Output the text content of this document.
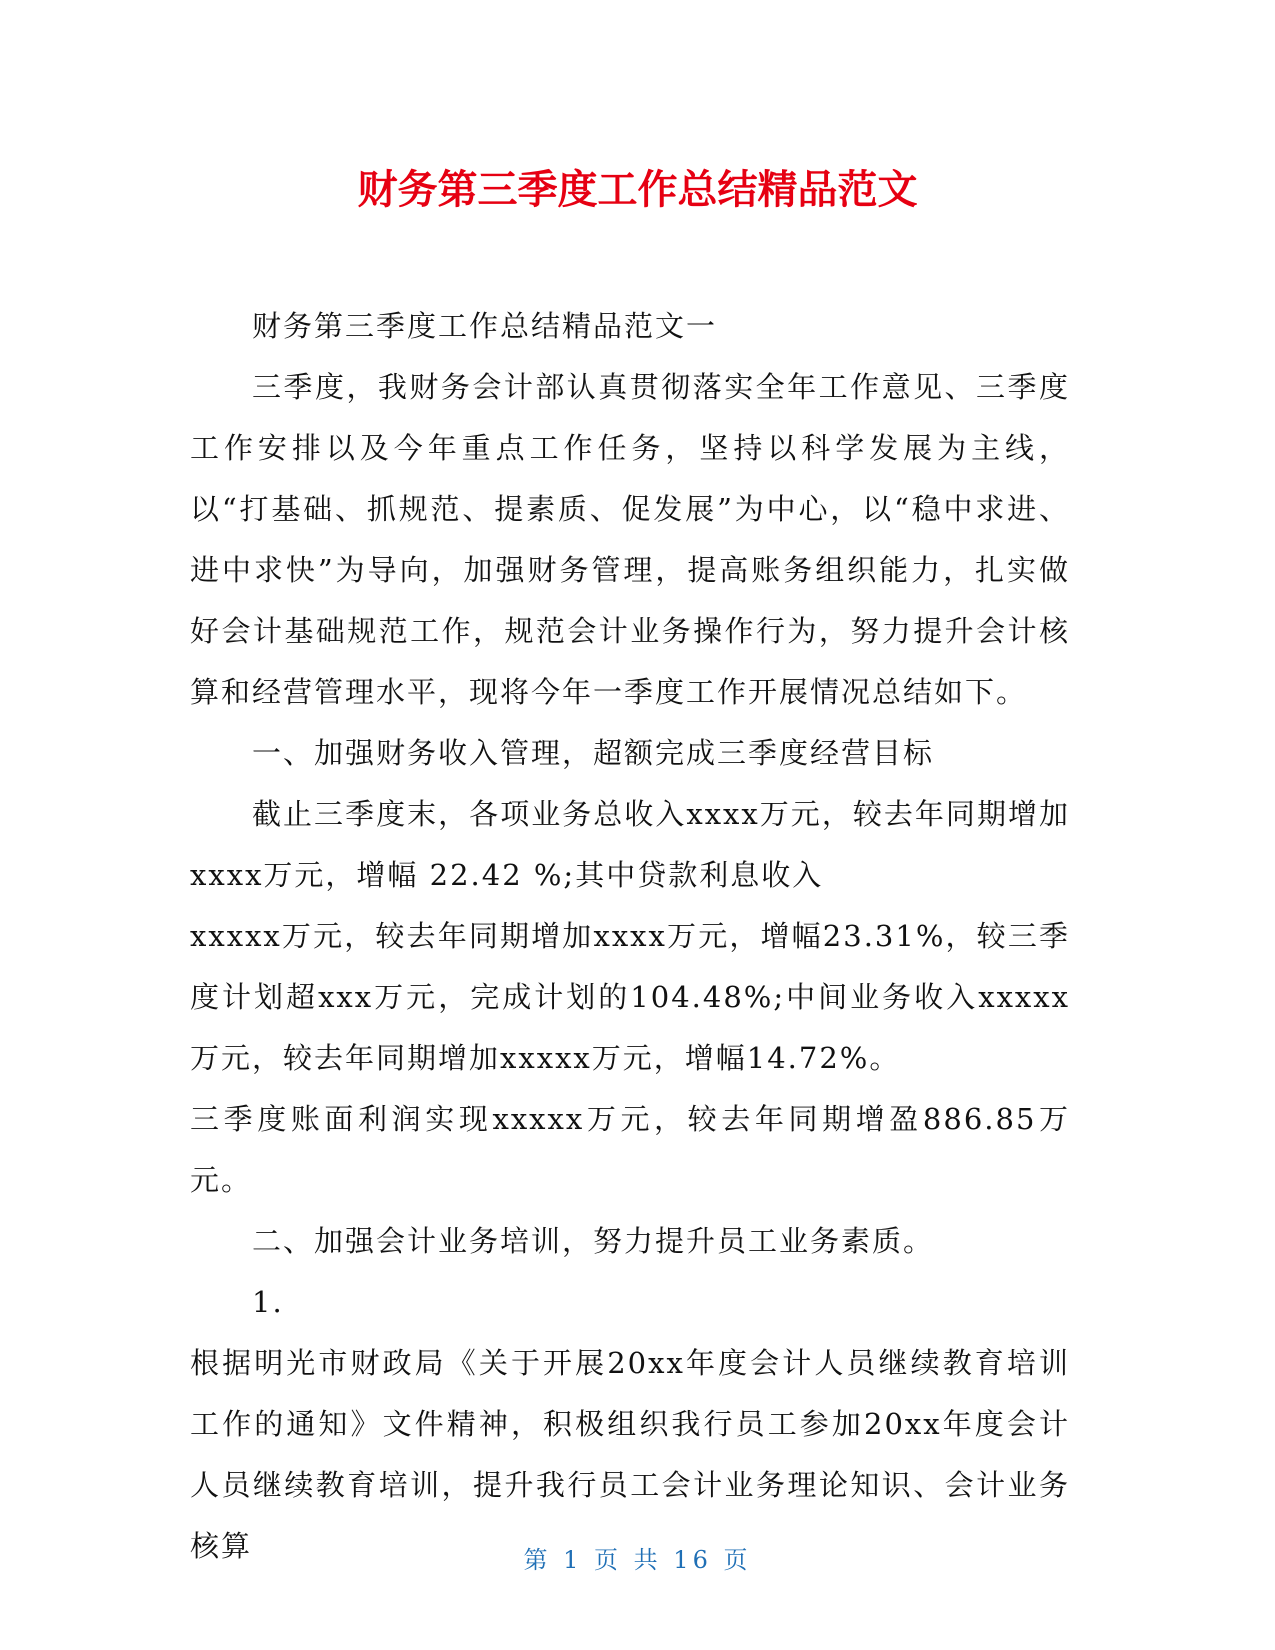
财务第三季度工作总结精品范文

财务第三季度工作总结精品范文一

三季度，我财务会计部认真贯彻落实全年工作意见、三季度工作安排以及今年重点工作任务，坚持以科学发展为主线，以“打基础、抓规范、提素质、促发展”为中心，以“稳中求进、进中求快”为导向，加强财务管理，提高账务组织能力，扎实做好会计基础规范工作，规范会计业务操作行为，努力提升会计核算和经营管理水平，现将今年一季度工作开展情况总结如下。

一、加强财务收入管理，超额完成三季度经营目标

截止三季度末，各项业务总收入xxxx万元，较去年同期增加xxxx万元，增幅 22.42 %;其中贷款利息收入

xxxxx万元，较去年同期增加xxxx万元，增幅23.31%，较三季度计划超xxx万元，完成计划的104.48%;中间业务收入xxxxx万元，较去年同期增加xxxxx万元，增幅14.72%。

三季度账面利润实现xxxxx万元，较去年同期增盈886.85万元。

二、加强会计业务培训，努力提升员工业务素质。

1.

根据明光市财政局《关于开展20xx年度会计人员继续教育培训工作的通知》文件精神，积极组织我行员工参加20xx年度会计人员继续教育培训，提升我行员工会计业务理论知识、会计业务核算	第 1 页 共 16 页
